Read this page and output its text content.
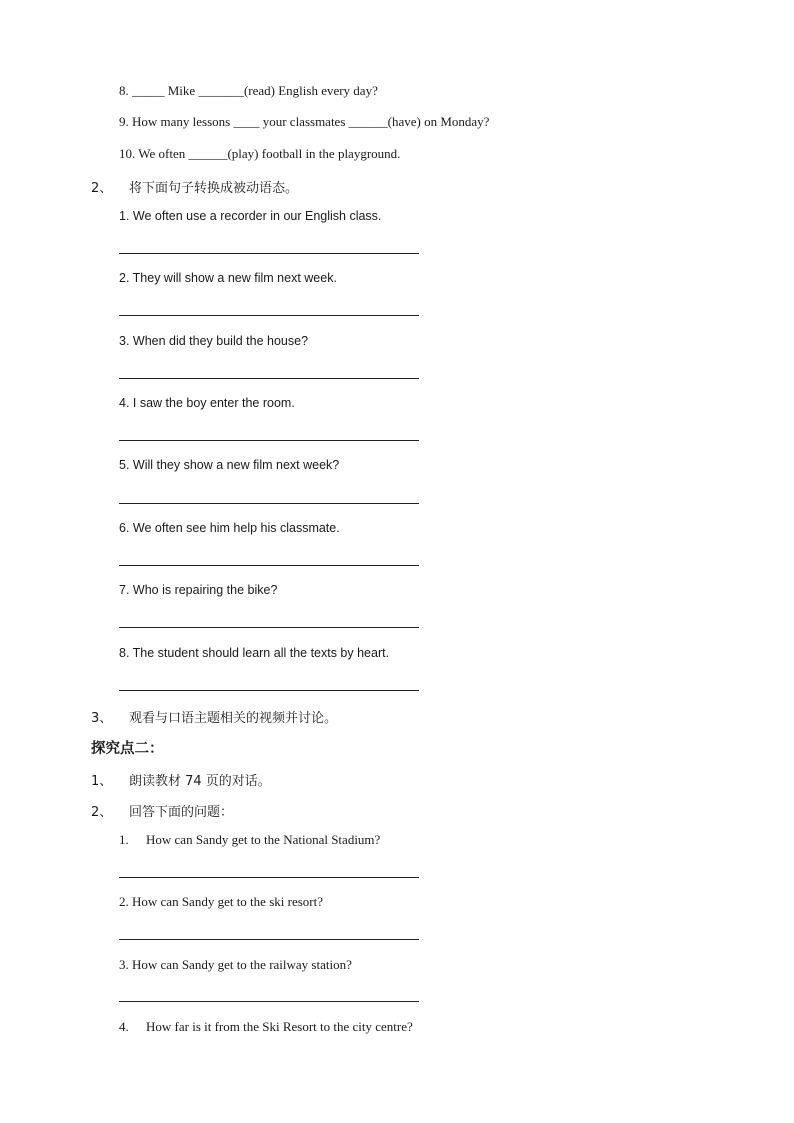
8. _____ Mike _______(read) English every day?
9. How many lessons ____ your classmates ______(have) on Monday?
10. We often ______(play) football in the playground.
2、 将下面句子转换成被动语态。
1. We often use a recorder in our English class.
2. They will show a new film next week.
3. When did they build the house?
4. I saw the boy enter the room.
5. Will they show a new film next week?
6. We often see him help his classmate.
7. Who is repairing the bike?
8. The student should learn all the texts by heart.
3、 观看与口语主题相关的视频并讨论。
探究点二：
1、 朗读教材 74 页的对话。
2、 回答下面的问题：
1. How can Sandy get to the National Stadium?
2. How can Sandy get to the ski resort?
3. How can Sandy get to the railway station?
4. How far is it from the Ski Resort to the city centre?
